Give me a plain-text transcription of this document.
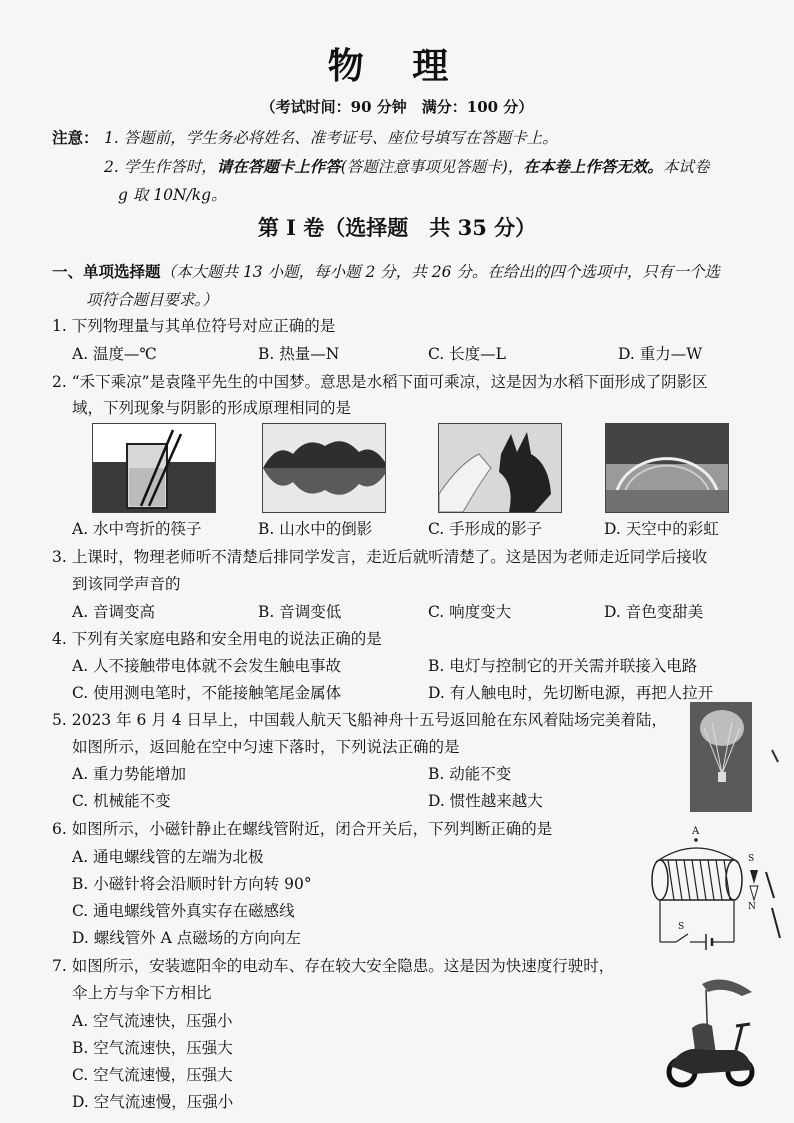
物 理
（考试时间：90 分钟　满分：100 分）
注意： 1. 答题前，学生务必将姓名、准考证号、座位号填写在答题卡上。
2. 学生作答时，请在答题卡上作答(答题注意事项见答题卡)，在本卷上作答无效。本试卷
g 取 10N/kg。
第 I 卷（选择题　共 35 分）
一、单项选择题（本大题共 13 小题，每小题 2 分，共 26 分。在给出的四个选项中，只有一个选
项符合题目要求。）
1. 下列物理量与其单位符号对应正确的是
A. 温度—℃	B. 热量—N	C. 长度—L	D. 重力—W
2. “禾下乘凉”是袁隆平先生的中国梦。意思是水稻下面可乘凉，这是因为水稻下面形成了阴影区
域，下列现象与阴影的形成原理相同的是
A. 水中弯折的筷子	B. 山水中的倒影	C. 手形成的影子	D. 天空中的彩虹
3. 上课时，物理老师听不清楚后排同学发言，走近后就听清楚了。这是因为老师走近同学后接收
到该同学声音的
A. 音调变高	B. 音调变低	C. 响度变大	D. 音色变甜美
4. 下列有关家庭电路和安全用电的说法正确的是
A. 人不接触带电体就不会发生触电事故	B. 电灯与控制它的开关需并联接入电路
C. 使用测电笔时，不能接触笔尾金属体	D. 有人触电时，先切断电源，再把人拉开
5. 2023 年 6 月 4 日早上，中国载人航天飞船神舟十五号返回舱在东风着陆场完美着陆，
如图所示，返回舱在空中匀速下落时，下列说法正确的是
A. 重力势能增加	B. 动能不变
C. 机械能不变	D. 惯性越来越大
6. 如图所示，小磁针静止在螺线管附近，闭合开关后，下列判断正确的是
A. 通电螺线管的左端为北极
B. 小磁针将会沿顺时针方向转 90°
C. 通电螺线管外真实存在磁感线
D. 螺线管外 A 点磁场的方向向左
A
S
N
S
7. 如图所示，安装遮阳伞的电动车、存在较大安全隐患。这是因为快速度行驶时，
伞上方与伞下方相比
A. 空气流速快，压强小
B. 空气流速快，压强大
C. 空气流速慢，压强大
D. 空气流速慢，压强小
